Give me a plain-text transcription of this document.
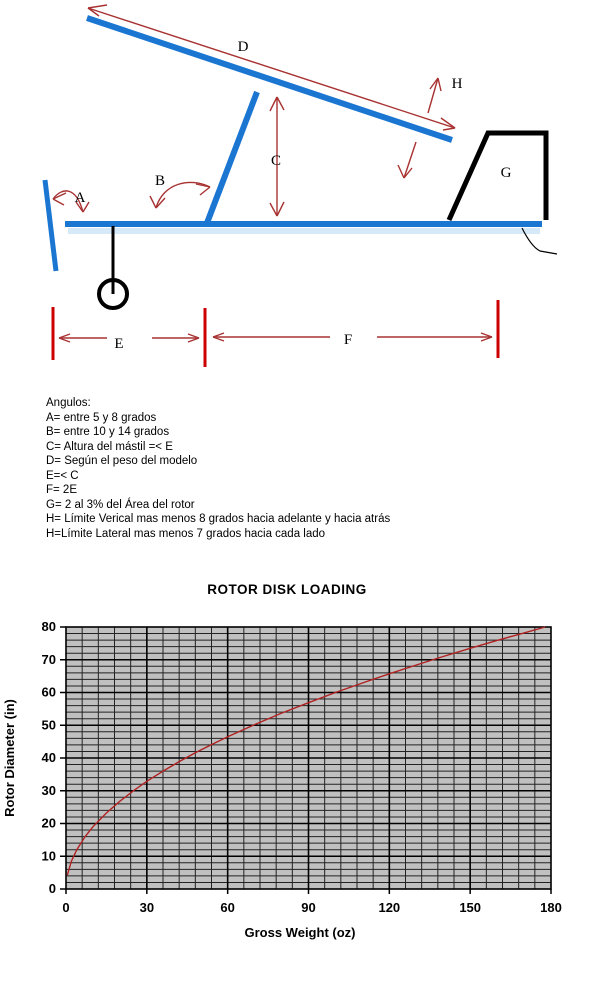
A
B
C
D
E	F
G
H
Angulos:
A= entre 5 y 8 grados
B= entre 10 y 14 grados
C= Altura del mástil =< E
D= Según el peso del modelo
E=< C
F= 2E
G= 2 al 3% del Área del rotor
H= Límite Verical mas menos 8 grados hacia adelante y hacia atrás
H=Límite Lateral mas menos 7 grados hacia cada lado
ROTOR DISK LOADING
0	30	60	90	120	150	180
0
10
20
30
40
50
60
70
80
Gross Weight (oz)
Rotor Diameter (in)
